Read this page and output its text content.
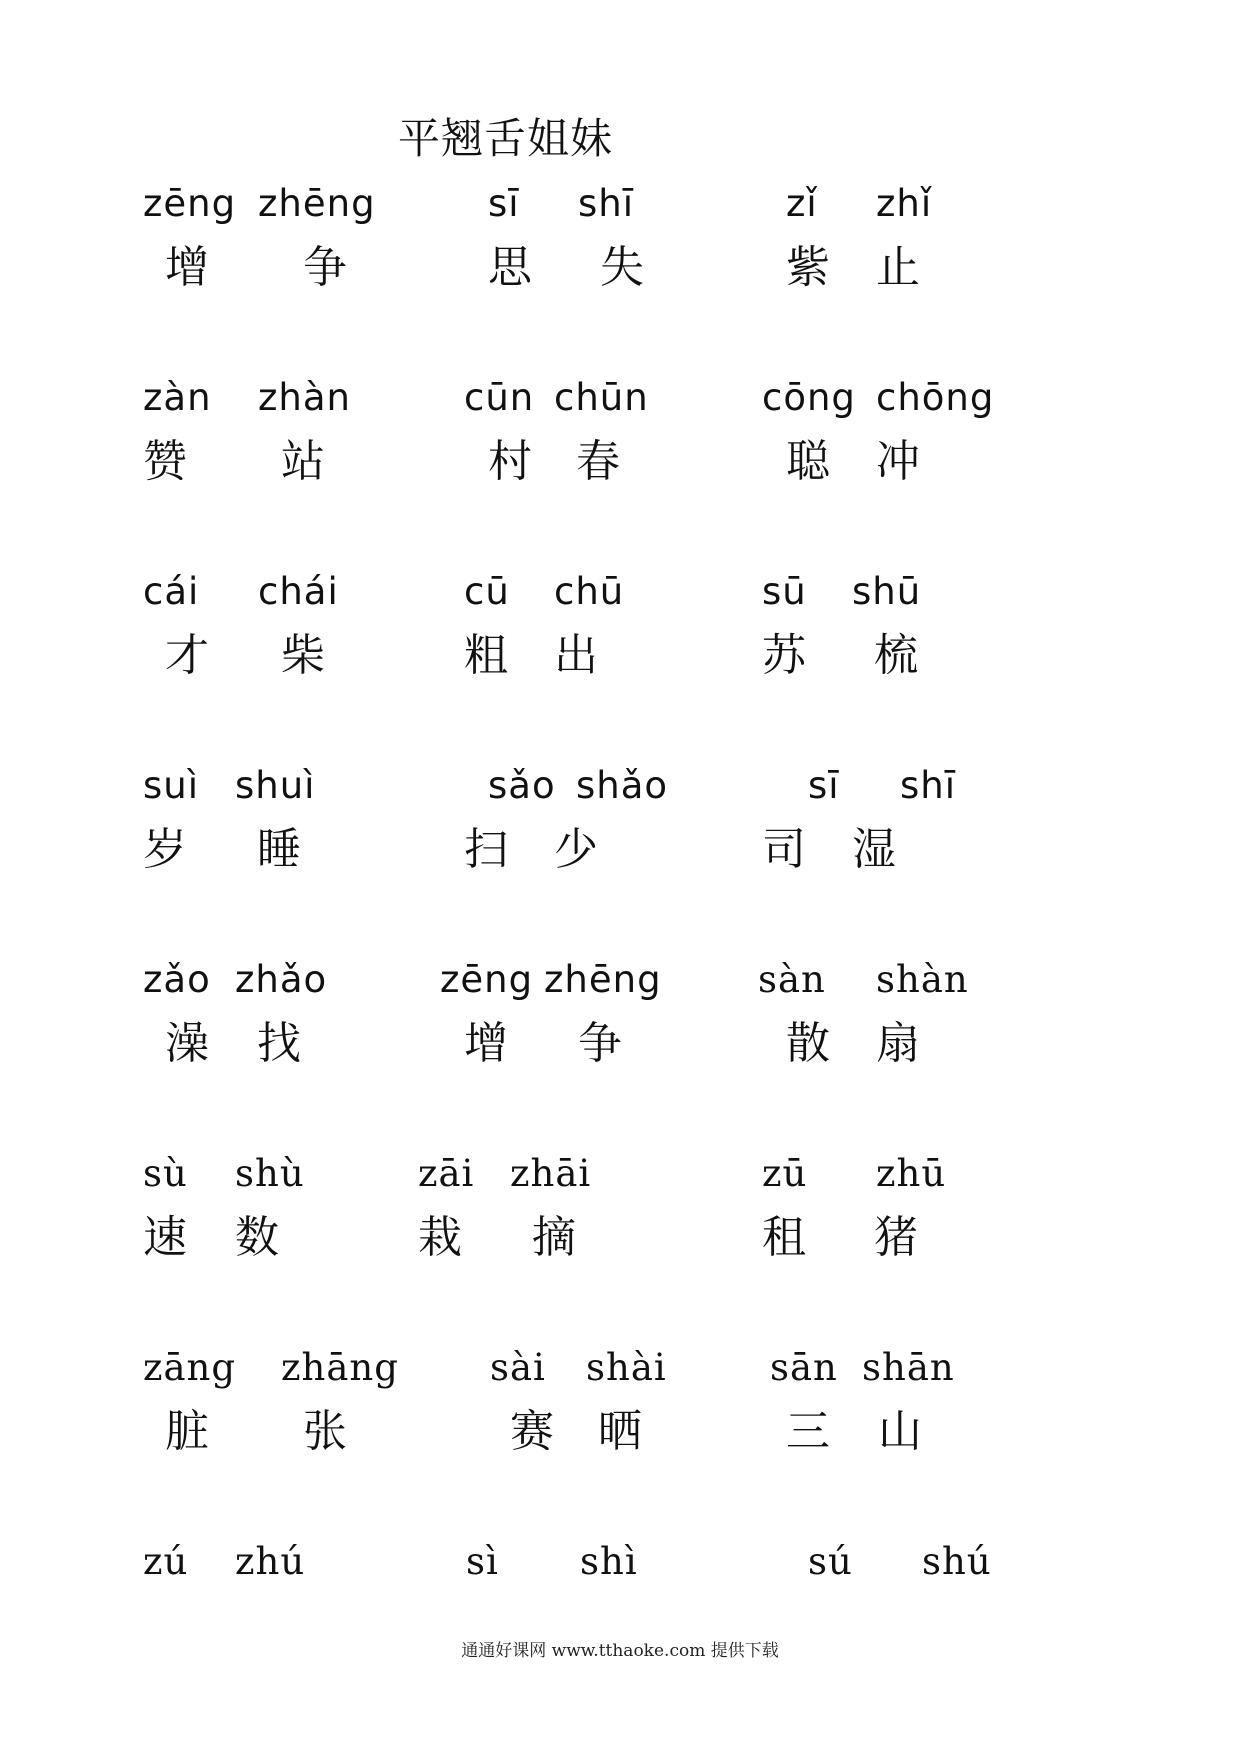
平翘舌姐妹
zēng zhēng
增 争
sī shī
思 失
zǐ zhǐ
紫 止
zàn zhàn
赞 站
cūn chūn
村 春
cōng chōng
聪 冲
cái chái
才 柴
cū chū
粗 出
sū shū
苏 梳
suì shuì
岁 睡
sǎo shǎo
扫 少
sī shī
司 湿
zǎo zhǎo
澡 找
zēng zhēng
增 争
sàn shàn
散 扇
sù shù
速 数
zāi zhāi
栽 摘
zū zhū
租 猪
zāng zhāng
脏 张
sài shài
赛 晒
sān shān
三 山
zú zhú	sì shì	sú shú
通通好课网 www.tthaoke.com 提供下载
